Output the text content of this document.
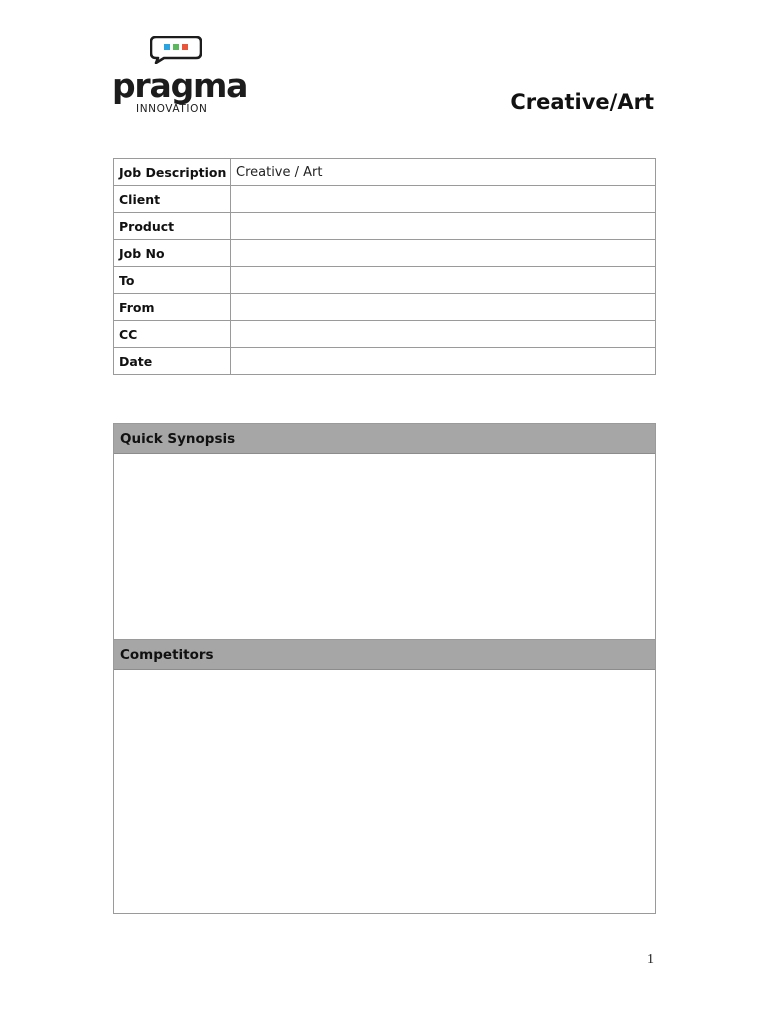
pragma
INNOVATION	Creative/Art
Job Description	Creative / Art
Client	
Product	
Job No	
To	
From	
CC	
Date	
Quick Synopsis
Competitors
1
